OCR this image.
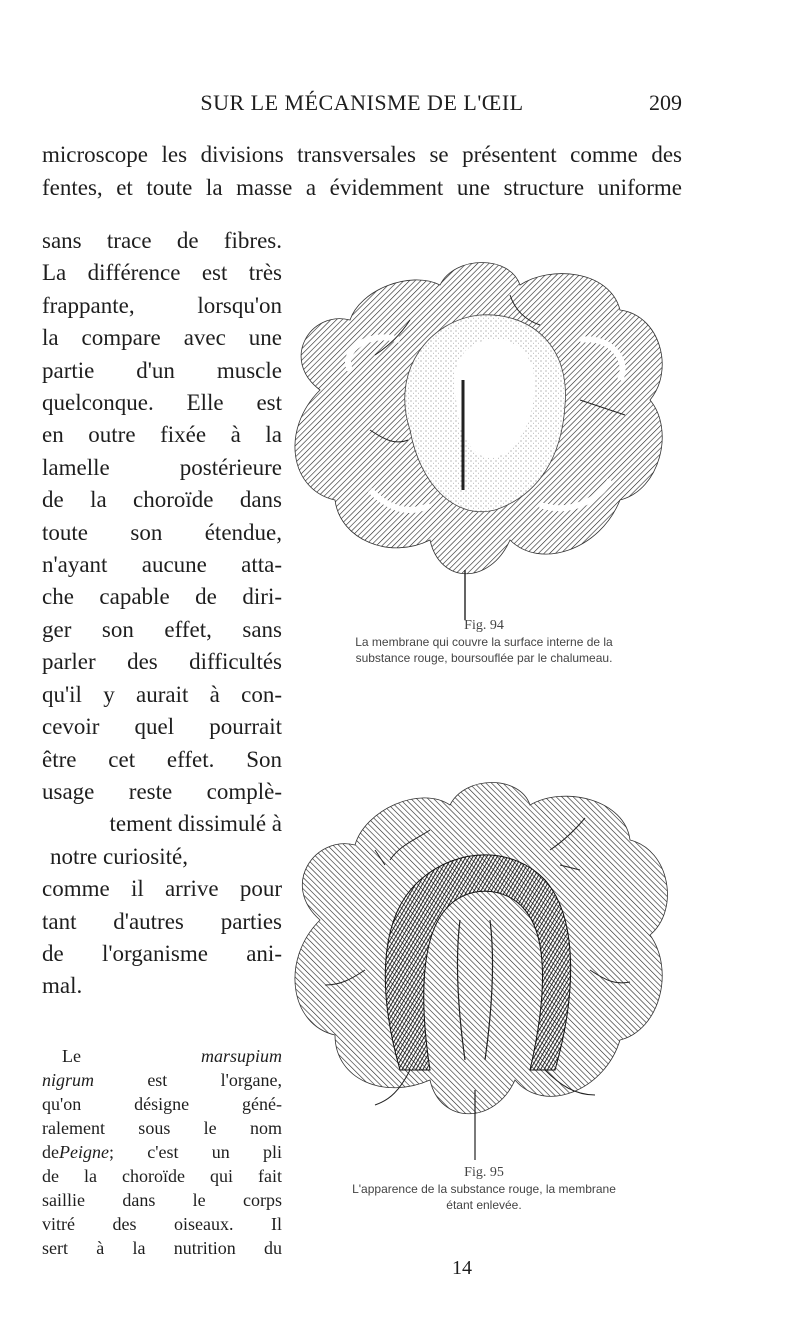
SUR LE MÉCANISME DE L'ŒIL	209
microscope les divisions transversales se présentent comme des
fentes, et toute la masse a évidemment une structure uniforme
sans trace de fibres.
La différence est très
frappante, lorsqu'on
la compare avec une
partie d'un muscle
quelconque. Elle est
en outre fixée à la
lamelle postérieure
de la choroïde dans
toute son étendue,
n'ayant aucune atta-
che capable de diri-
ger son effet, sans
parler des difficultés
qu'il y aurait à con-
cevoir quel pourrait
être cet effet. Son
usage reste complè-
tement dissimulé à
notre curiosité,
comme il arrive pour
tant d'autres parties
de l'organisme ani-
mal.
Le	marsupium
nigrum	est l'organe,
qu'on désigne géné-
ralement sous le nom
dePeigne; c'est un pli
de la choroïde qui fait
saillie dans le corps
vitré des oiseaux. Il
sert à la nutrition du
Fig. 94
La membrane qui couvre la surface interne de la
substance rouge, boursouflée par le chalumeau.
Fig. 95
L'apparence de la substance rouge, la membrane
étant enlevée.
14
